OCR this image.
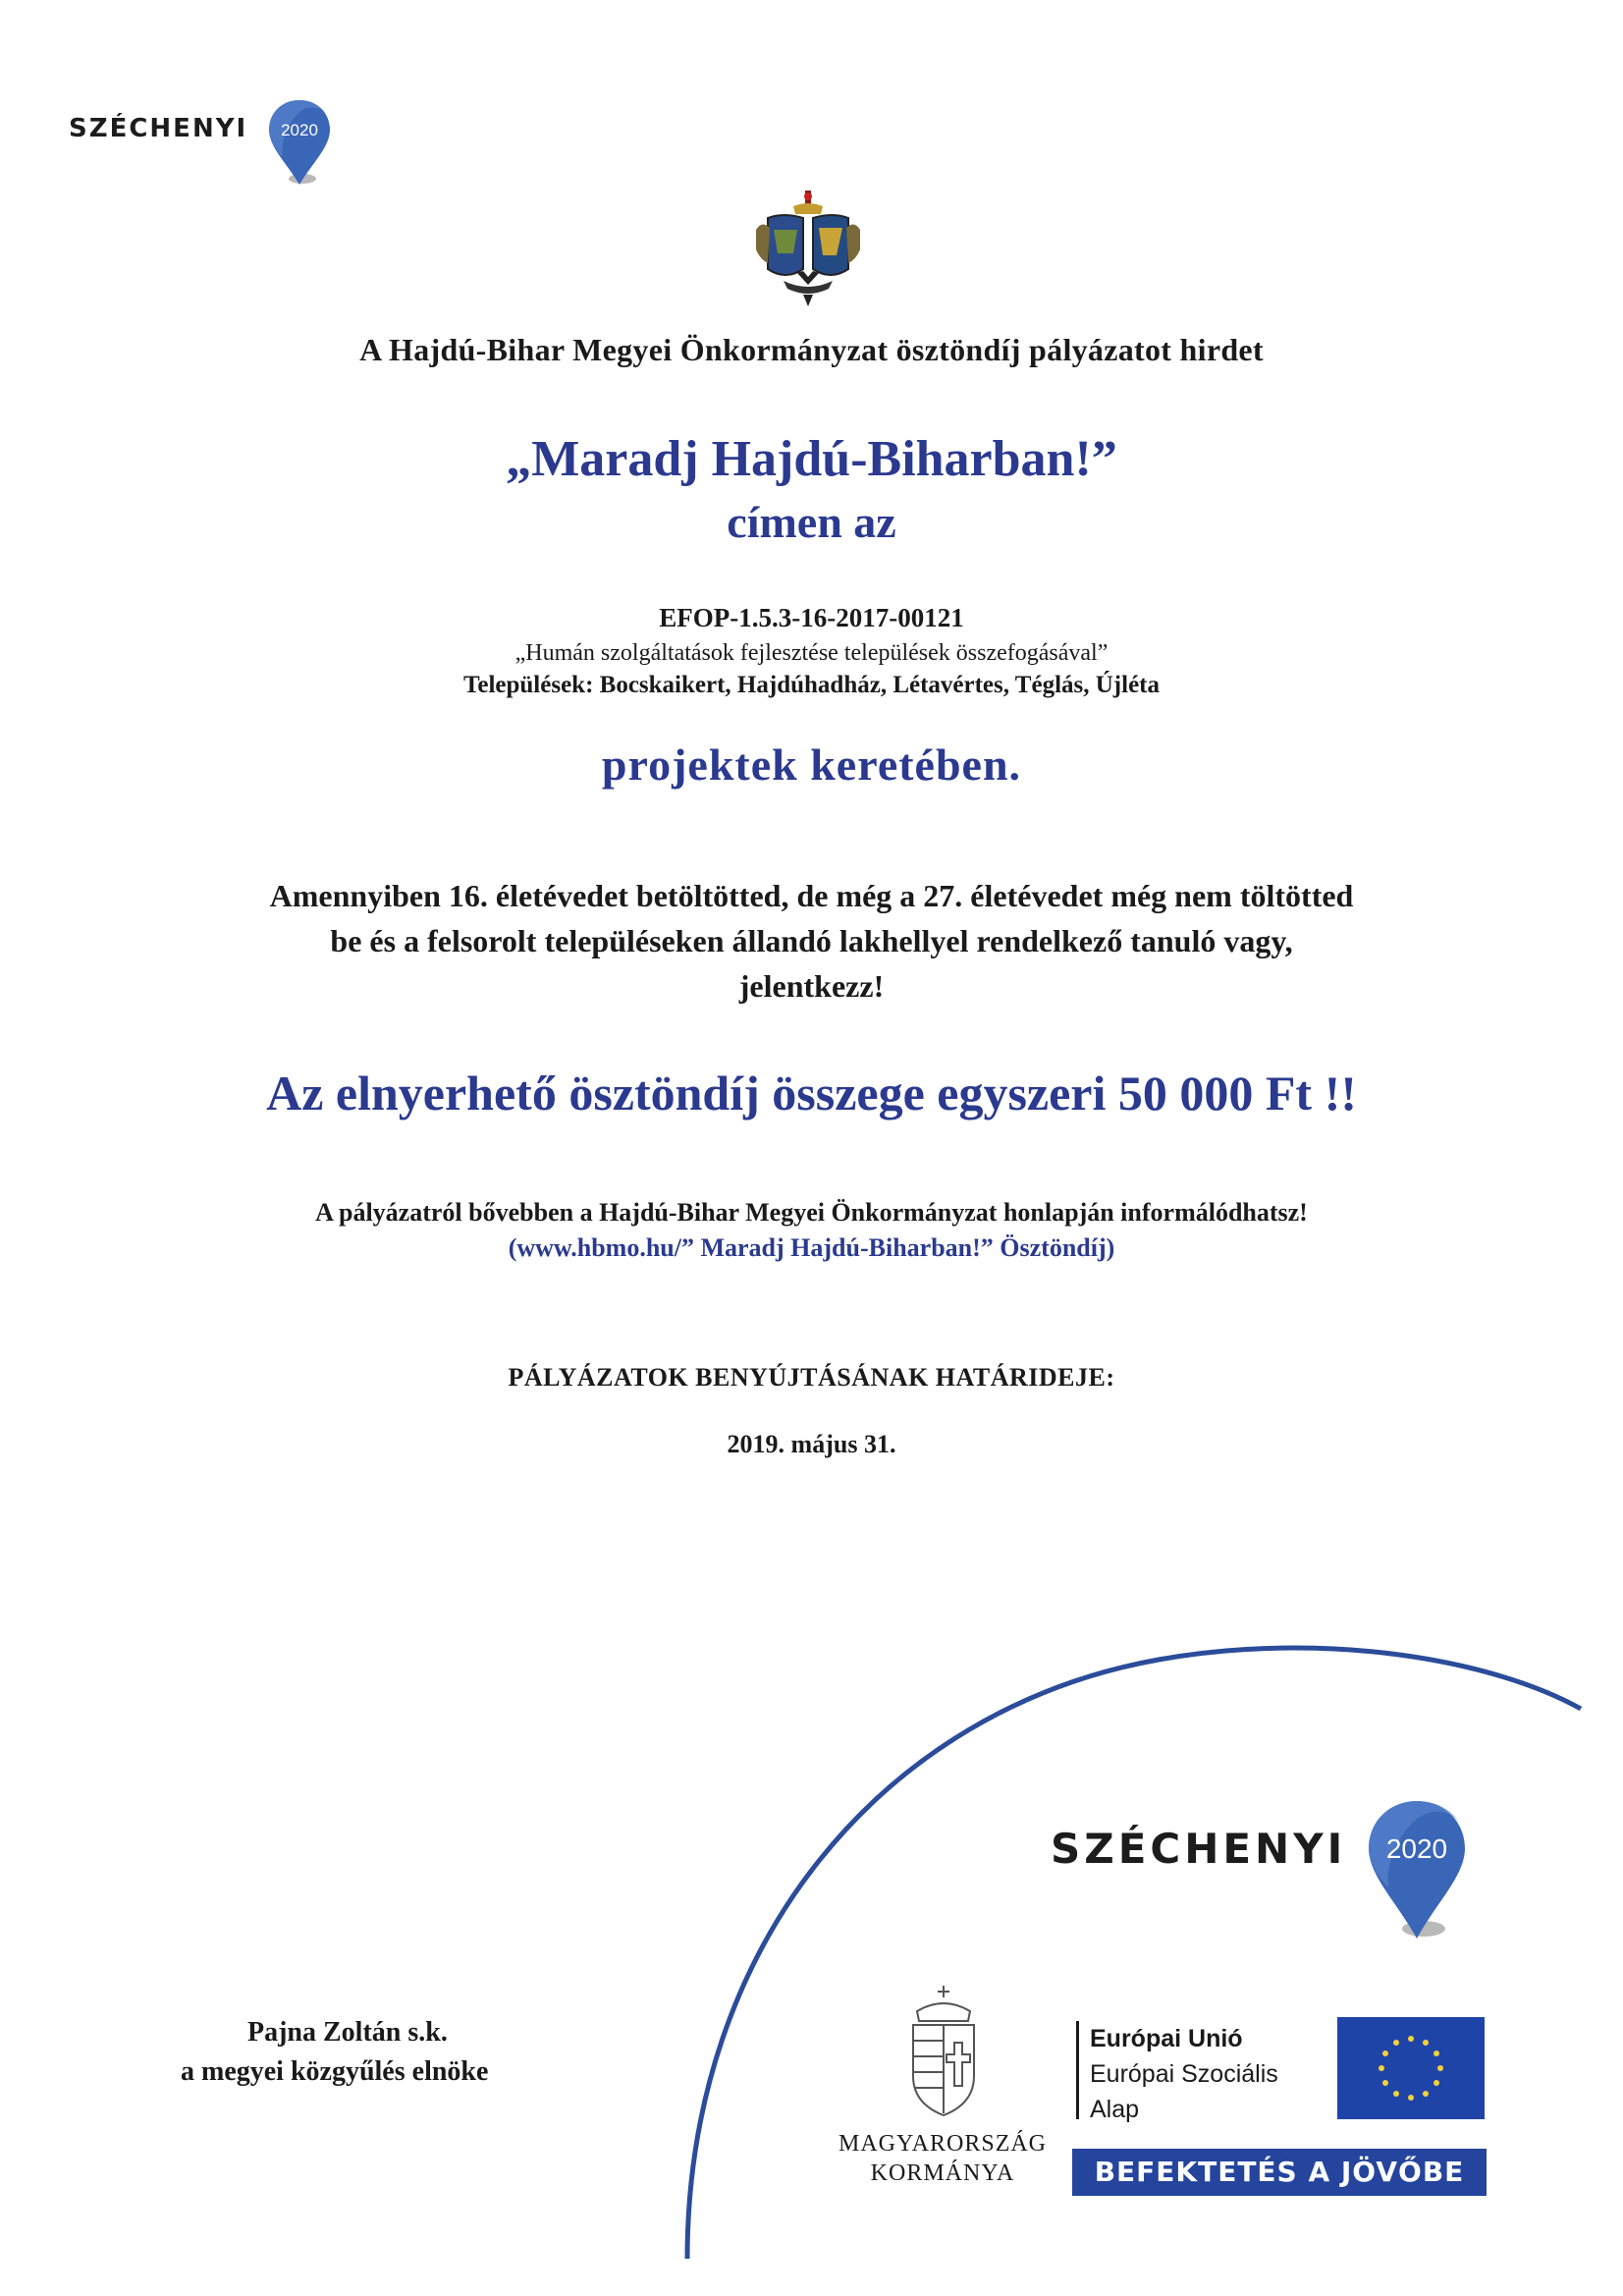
SZÉCHENYI 2020
A Hajdú-Bihar Megyei Önkormányzat ösztöndíj pályázatot hirdet
„Maradj Hajdú-Biharban!”
címen az
EFOP-1.5.3-16-2017-00121
„Humán szolgáltatások fejlesztése települések összefogásával”
Települések: Bocskaikert, Hajdúhadház, Létavértes, Téglás, Újléta
projektek keretében.
Amennyiben 16. életévedet betöltötted, de még a 27. életévedet még nem töltötted
be és a felsorolt településeken állandó lakhellyel rendelkező tanuló vagy,
jelentkezz!
Az elnyerhető ösztöndíj összege egyszeri 50 000 Ft !!
A pályázatról bővebben a Hajdú-Bihar Megyei Önkormányzat honlapján informálódhatsz!
(www.hbmo.hu/” Maradj Hajdú-Biharban!” Ösztöndíj)
PÁLYÁZATOK BENYÚJTÁSÁNAK HATÁRIDEJE:
2019. május 31.
SZÉCHENYI 2020
Pajna Zoltán s.k.
a megyei közgyűlés elnöke
MAGYARORSZÁG
KORMÁNYA
Európai Unió
Európai Szociális
Alap
BEFEKTETÉS A JÖVŐBE
